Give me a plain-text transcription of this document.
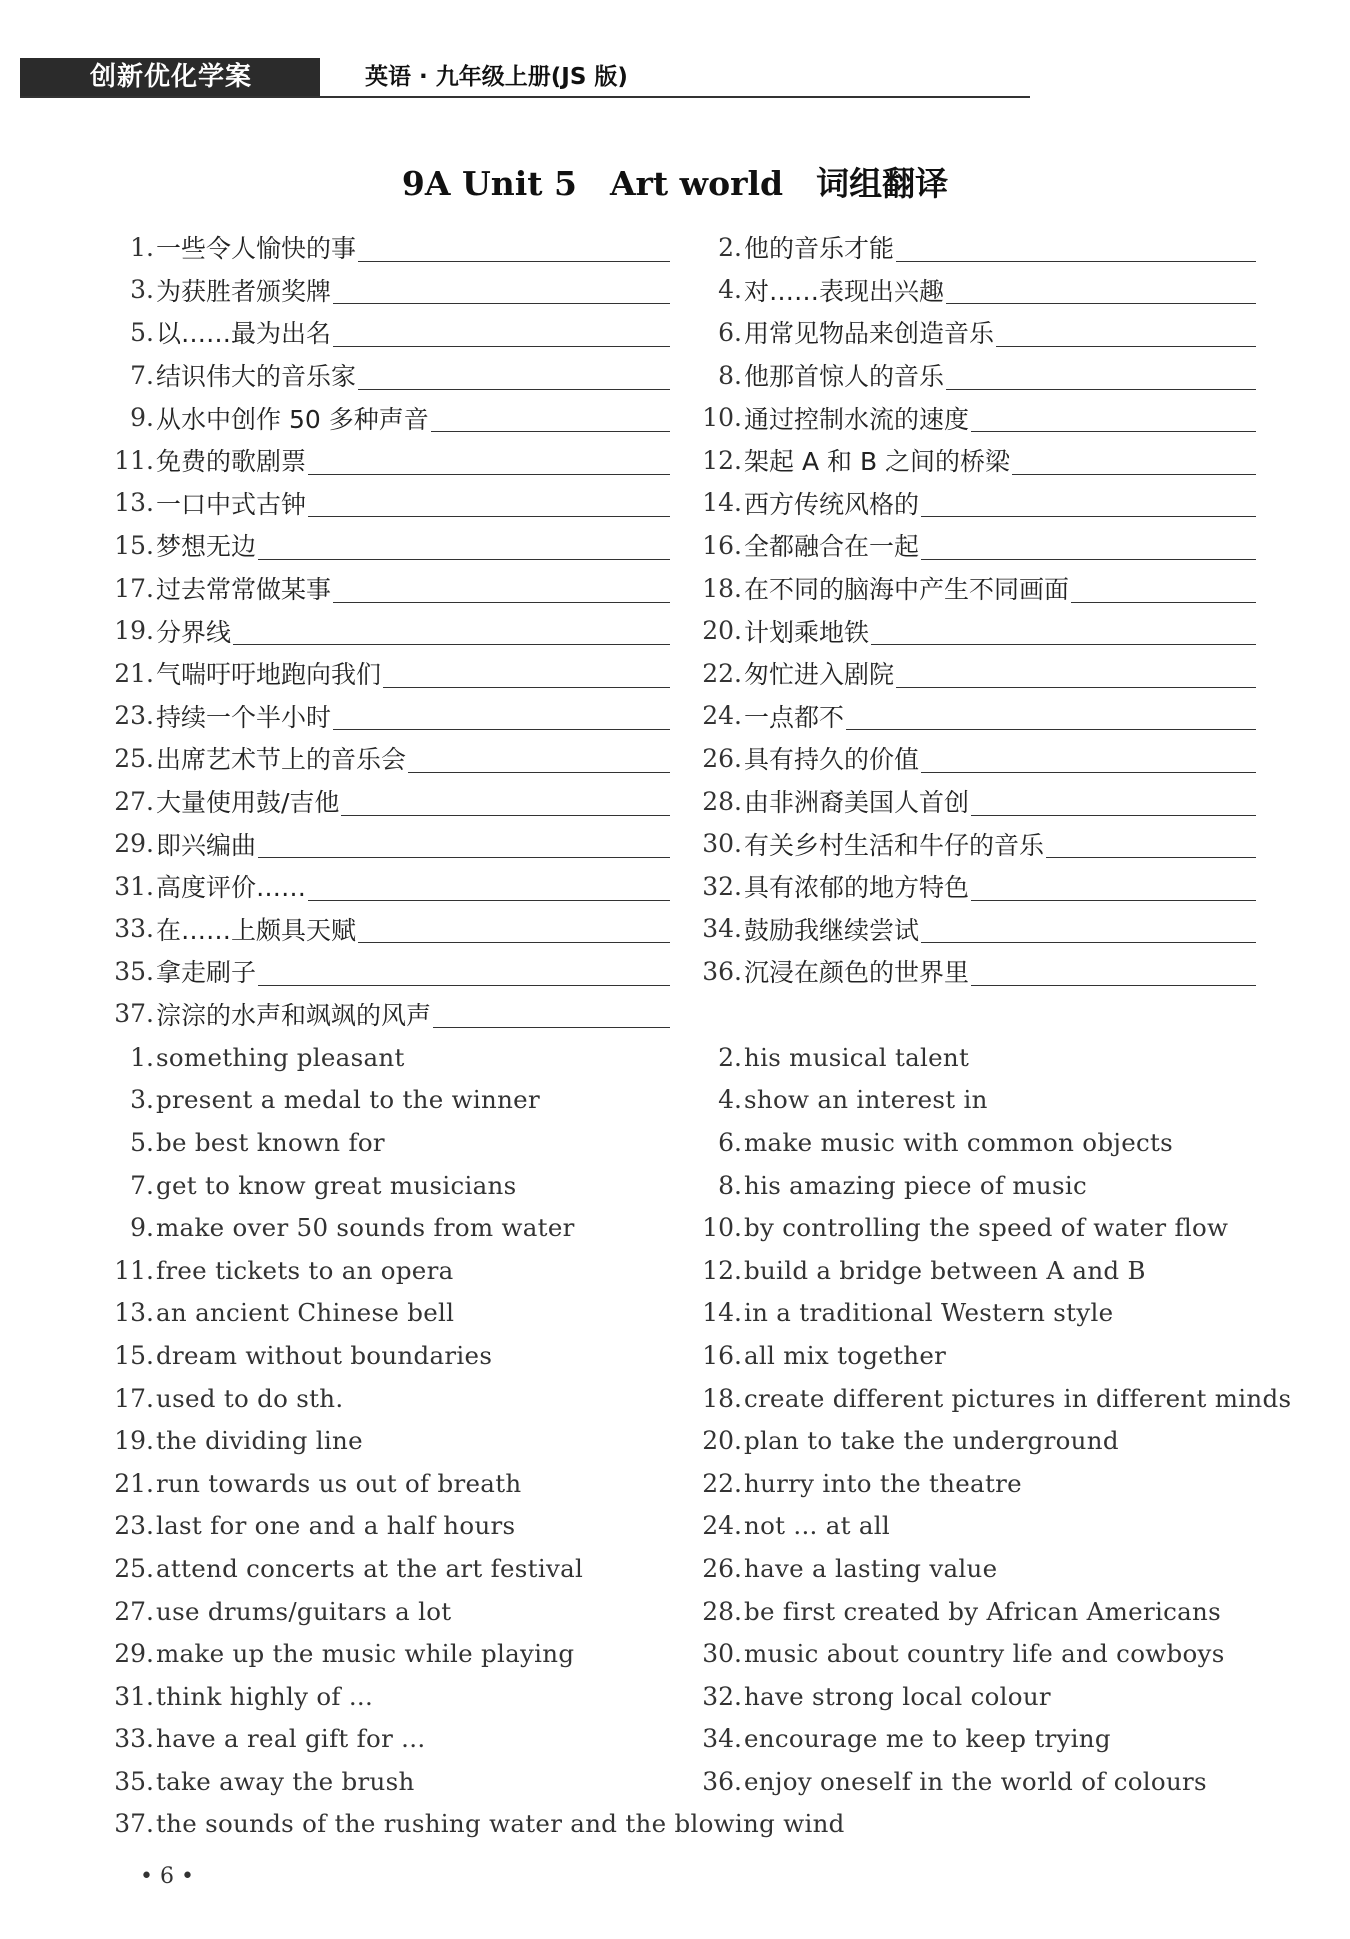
创新优化学案	英语 · 九年级上册(JS 版)
9A Unit 5　Art world　词组翻译
1. 一些令人愉快的事	2. 他的音乐才能
3. 为获胜者颁奖牌	4. 对……表现出兴趣
5. 以……最为出名	6. 用常见物品来创造音乐
7. 结识伟大的音乐家	8. 他那首惊人的音乐
9. 从水中创作 50 多种声音	10. 通过控制水流的速度
11. 免费的歌剧票	12. 架起 A 和 B 之间的桥梁
13. 一口中式古钟	14. 西方传统风格的
15. 梦想无边	16. 全都融合在一起
17. 过去常常做某事	18. 在不同的脑海中产生不同画面
19. 分界线	20. 计划乘地铁
21. 气喘吁吁地跑向我们	22. 匆忙进入剧院
23. 持续一个半小时	24. 一点都不
25. 出席艺术节上的音乐会	26. 具有持久的价值
27. 大量使用鼓/吉他	28. 由非洲裔美国人首创
29. 即兴编曲	30. 有关乡村生活和牛仔的音乐
31. 高度评价……	32. 具有浓郁的地方特色
33. 在……上颇具天赋	34. 鼓励我继续尝试
35. 拿走刷子	36. 沉浸在颜色的世界里
37. 淙淙的水声和飒飒的风声
1. something pleasant	2. his musical talent
3. present a medal to the winner	4. show an interest in
5. be best known for	6. make music with common objects
7. get to know great musicians	8. his amazing piece of music
9. make over 50 sounds from water	10. by controlling the speed of water flow
11. free tickets to an opera	12. build a bridge between A and B
13. an ancient Chinese bell	14. in a traditional Western style
15. dream without boundaries	16. all mix together
17. used to do sth.	18. create different pictures in different minds
19. the dividing line	20. plan to take the underground
21. run towards us out of breath	22. hurry into the theatre
23. last for one and a half hours	24. not ... at all
25. attend concerts at the art festival	26. have a lasting value
27. use drums/guitars a lot	28. be first created by African Americans
29. make up the music while playing	30. music about country life and cowboys
31. think highly of ...	32. have strong local colour
33. have a real gift for ...	34. encourage me to keep trying
35. take away the brush	36. enjoy oneself in the world of colours
37. the sounds of the rushing water and the blowing wind
• 6 •
